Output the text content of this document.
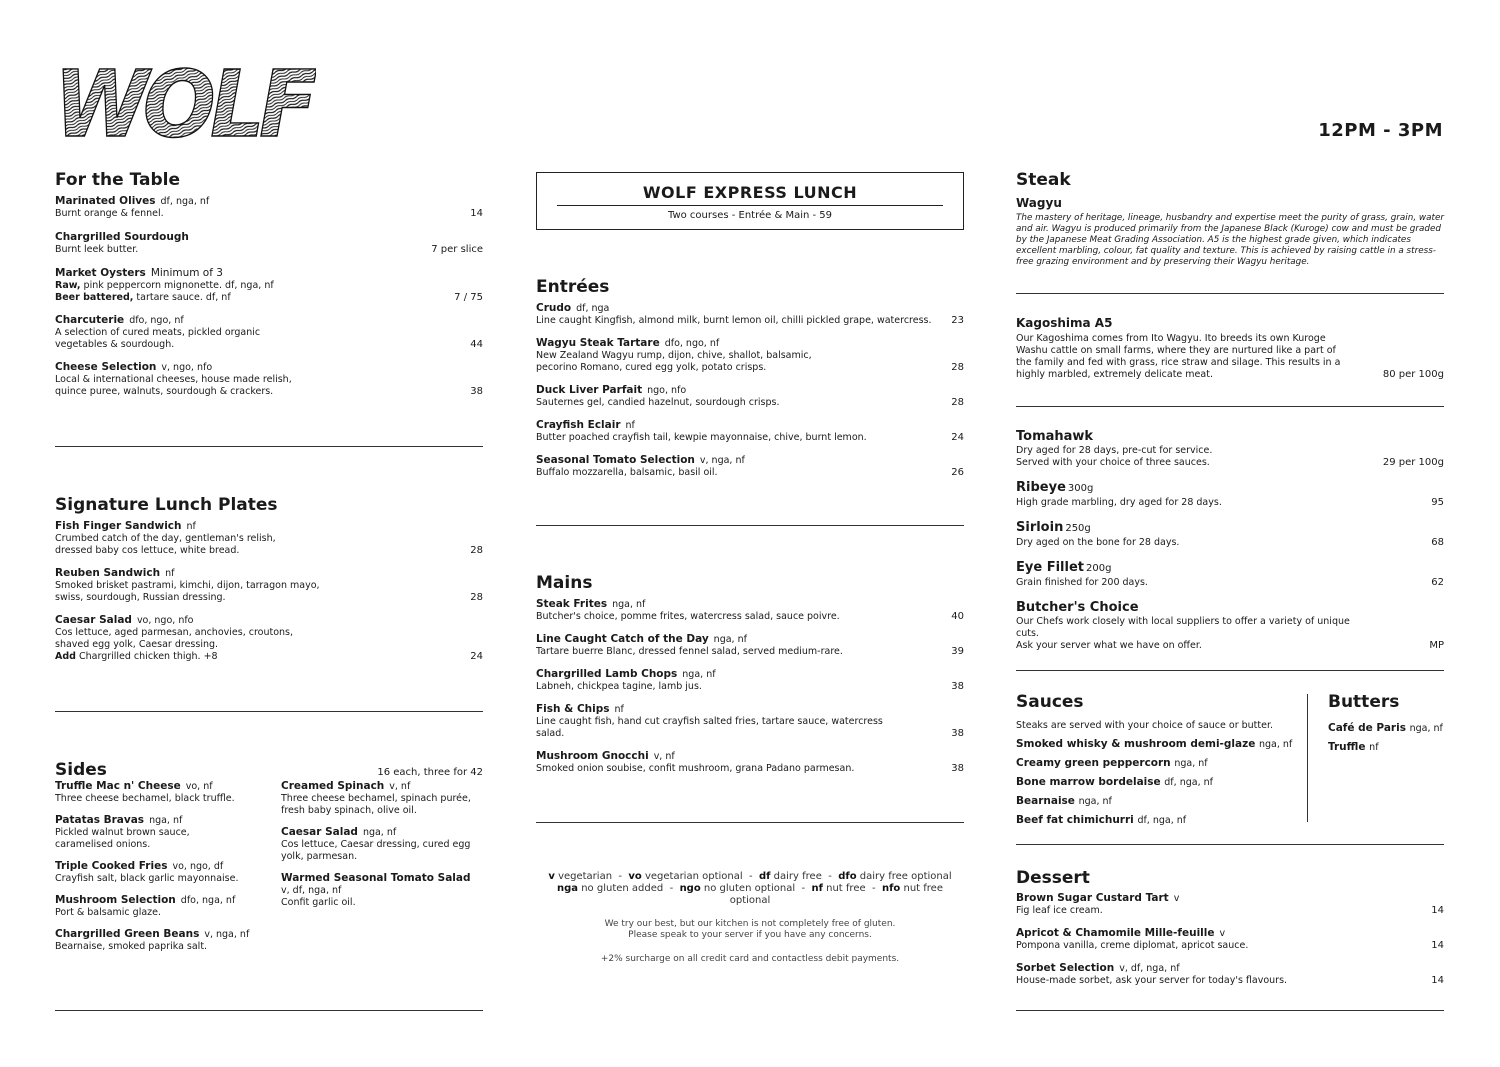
WOLF	12PM - 3PM
For the Table
Marinated Olives df, nga, nf
Burnt orange & fennel.	14
Chargrilled Sourdough
Burnt leek butter.	7 per slice
Market Oysters Minimum of 3
Raw, pink peppercorn mignonette. df, nga, nf
Beer battered, tartare sauce. df, nf	7 / 75
Charcuterie dfo, ngo, nf
A selection of cured meats, pickled organic vegetables & sourdough.	44
Cheese Selection v, ngo, nfo
Local & international cheeses, house made relish, quince puree, walnuts, sourdough & crackers.	38
Signature Lunch Plates
Fish Finger Sandwich nf
Crumbed catch of the day, gentleman's relish, dressed baby cos lettuce, white bread.	28
Reuben Sandwich nf
Smoked brisket pastrami, kimchi, dijon, tarragon mayo, swiss, sourdough, Russian dressing.	28
Caesar Salad vo, ngo, nfo
Cos lettuce, aged parmesan, anchovies, croutons, shaved egg yolk, Caesar dressing.
Add Chargrilled chicken thigh. +8	24
Sides	16 each, three for 42
Truffle Mac n' Cheese vo, nf
Three cheese bechamel, black truffle.
Patatas Bravas nga, nf
Pickled walnut brown sauce, caramelised onions.
Triple Cooked Fries vo, ngo, df
Crayfish salt, black garlic mayonnaise.
Mushroom Selection dfo, nga, nf
Port & balsamic glaze.
Chargrilled Green Beans v, nga, nf
Bearnaise, smoked paprika salt.
Creamed Spinach v, nf
Three cheese bechamel, spinach purée, fresh baby spinach, olive oil.
Caesar Salad nga, nf
Cos lettuce, Caesar dressing, cured egg yolk, parmesan.
Warmed Seasonal Tomato Salad
v, df, nga, nf
Confit garlic oil.
WOLF EXPRESS LUNCH
Two courses - Entrée & Main - 59
Entrées
Crudo df, nga
Line caught Kingfish, almond milk, burnt lemon oil, chilli pickled grape, watercress.	23
Wagyu Steak Tartare dfo, ngo, nf
New Zealand Wagyu rump, dijon, chive, shallot, balsamic, pecorino Romano, cured egg yolk, potato crisps.	28
Duck Liver Parfait ngo, nfo
Sauternes gel, candied hazelnut, sourdough crisps.	28
Crayfish Eclair nf
Butter poached crayfish tail, kewpie mayonnaise, chive, burnt lemon.	24
Seasonal Tomato Selection v, nga, nf
Buffalo mozzarella, balsamic, basil oil.	26
Mains
Steak Frites nga, nf
Butcher's choice, pomme frites, watercress salad, sauce poivre.	40
Line Caught Catch of the Day nga, nf
Tartare buerre Blanc, dressed fennel salad, served medium-rare.	39
Chargrilled Lamb Chops nga, nf
Labneh, chickpea tagine, lamb jus.	38
Fish & Chips nf
Line caught fish, hand cut crayfish salted fries, tartare sauce, watercress salad.	38
Mushroom Gnocchi v, nf
Smoked onion soubise, confit mushroom, grana Padano parmesan.	38
v vegetarian  -  vo vegetarian optional  -  df dairy free  -  dfo dairy free optional
nga no gluten added  -  ngo no gluten optional  -  nf nut free  -  nfo nut free optional
We try our best, but our kitchen is not completely free of gluten.
Please speak to your server if you have any concerns.
+2% surcharge on all credit card and contactless debit payments.
Steak
Wagyu
The mastery of heritage, lineage, husbandry and expertise meet the purity of grass, grain, water and air. Wagyu is produced primarily from the Japanese Black (Kuroge) cow and must be graded by the Japanese Meat Grading Association. A5 is the highest grade given, which indicates excellent marbling, colour, fat quality and texture. This is achieved by raising cattle in a stress-free grazing environment and by preserving their Wagyu heritage.
Kagoshima A5
Our Kagoshima comes from Ito Wagyu. Ito breeds its own Kuroge Washu cattle on small farms, where they are nurtured like a part of the family and fed with grass, rice straw and silage. This results in a highly marbled, extremely delicate meat.	80 per 100g
Tomahawk
Dry aged for 28 days, pre-cut for service.
Served with your choice of three sauces.	29 per 100g
Ribeye 300g
High grade marbling, dry aged for 28 days.	95
Sirloin 250g
Dry aged on the bone for 28 days.	68
Eye Fillet 200g
Grain finished for 200 days.	62
Butcher's Choice
Our Chefs work closely with local suppliers to offer a variety of unique cuts.
Ask your server what we have on offer.	MP
Sauces
Steaks are served with your choice of sauce or butter.
Smoked whisky & mushroom demi-glaze nga, nf
Creamy green peppercorn nga, nf
Bone marrow bordelaise df, nga, nf
Bearnaise nga, nf
Beef fat chimichurri df, nga, nf
Butters
Café de Paris nga, nf
Truffle nf
Dessert
Brown Sugar Custard Tart v
Fig leaf ice cream.	14
Apricot & Chamomile Mille-feuille v
Pompona vanilla, creme diplomat, apricot sauce.	14
Sorbet Selection v, df, nga, nf
House-made sorbet, ask your server for today's flavours.	14
